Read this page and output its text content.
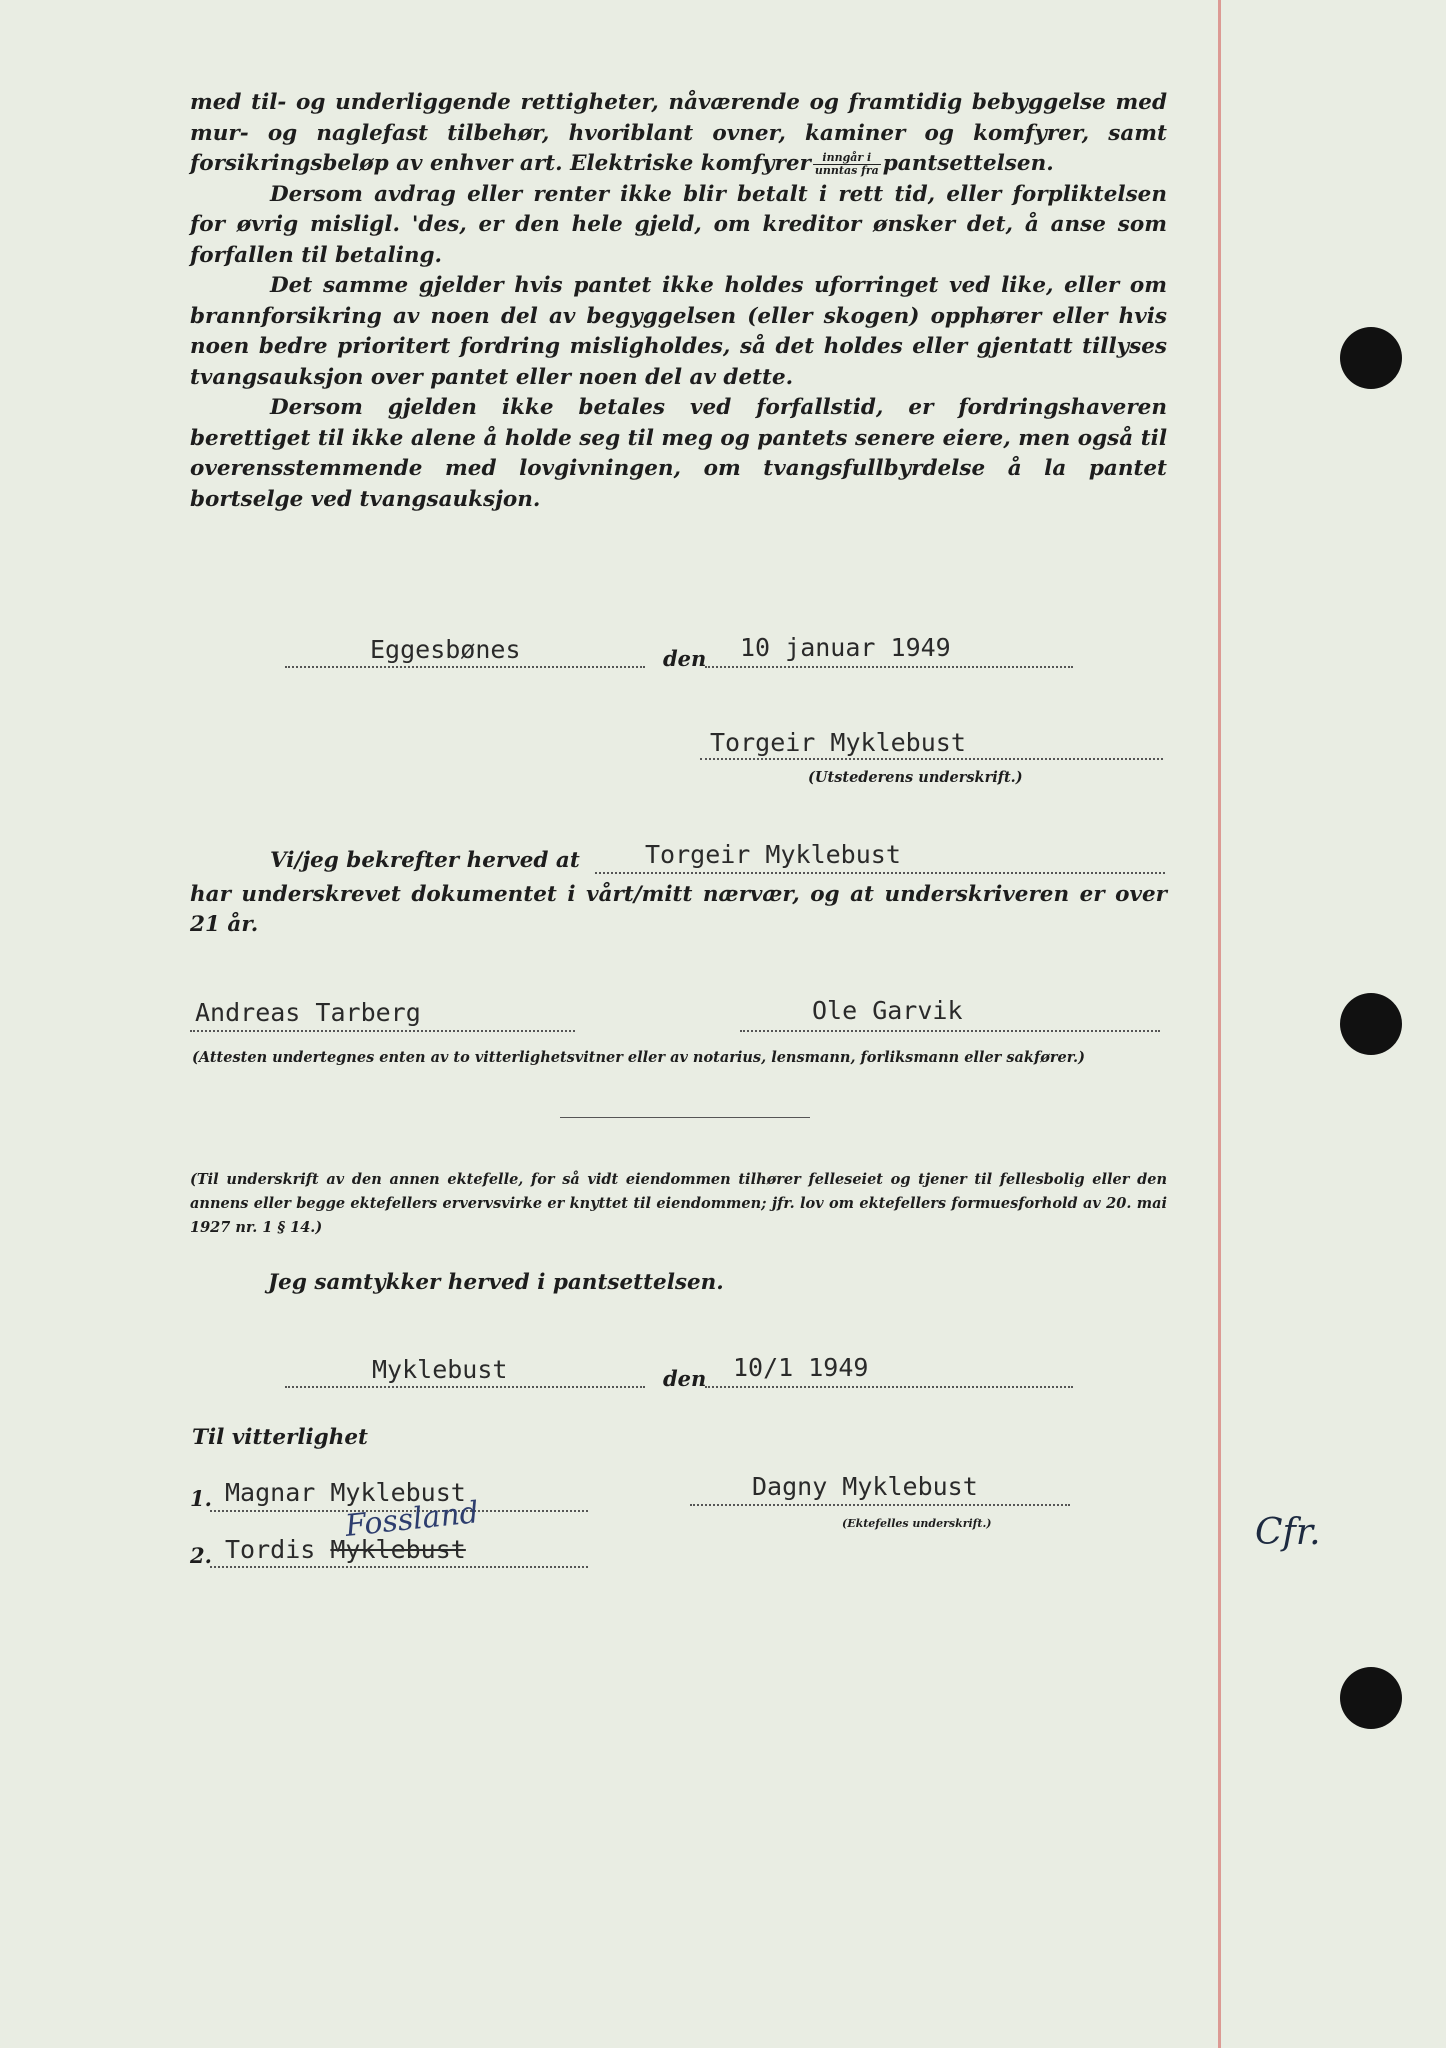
med til- og underliggende rettigheter, nåværende og framtidig bebyggelse med mur- og naglefast tilbehør, hvoriblant ovner, kaminer og komfyrer, samt forsikringsbeløp av enhver art. Elektriske komfyrer $\frac{\text{inngår i}}{\text{unntas fra}}$ pantsettelsen.

Dersom avdrag eller renter ikke blir betalt i rett tid, eller forpliktelsen for øvrig misligl. 'des, er den hele gjeld, om kreditor ønsker det, å anse som forfallen til betaling.

Det samme gjelder hvis pantet ikke holdes uforringet ved like, eller om brannforsikring av noen del av begyggelsen (eller skogen) opphører eller hvis noen bedre prioritert fordring misligholdes, så det holdes eller gjentatt tillyses tvangsauksjon over pantet eller noen del av dette.

Dersom gjelden ikke betales ved forfallstid, er fordringshaveren berettiget til ikke alene å holde seg til meg og pantets senere eiere, men også til overensstemmende med lovgivningen, om tvangsfullbyrdelse å la pantet bortselge ved tvangsauksjon.

Eggesbønes	den 10 januar 1949
Torgeir Myklebust
(Utstederens underskrift.)
Vi/jeg bekrefter herved at	Torgeir Myklebust
har underskrevet dokumentet i vårt/mitt nærvær, og at underskriveren er over 21 år.
Andreas Tarberg	Ole Garvik
(Attesten undertegnes enten av to vitterlighetsvitner eller av notarius, lensmann, forliksmann eller sakfører.)
(Til underskrift av den annen ektefelle, for så vidt eiendommen tilhører felleseiet og tjener til fellesbolig eller den annens eller begge ektefellers ervervsvirke er knyttet til eiendommen; jfr. lov om ektefellers formuesforhold av 20. mai 1927 nr. 1 § 14.)
Jeg samtykker herved i pantsettelsen.
Myklebust	den 10/1 1949
Til vitterlighet
1. Magnar Myklebust
Fossland
2. Tordis Myklebust
Dagny Myklebust
(Ektefelles underskrift.)	Cfr.
